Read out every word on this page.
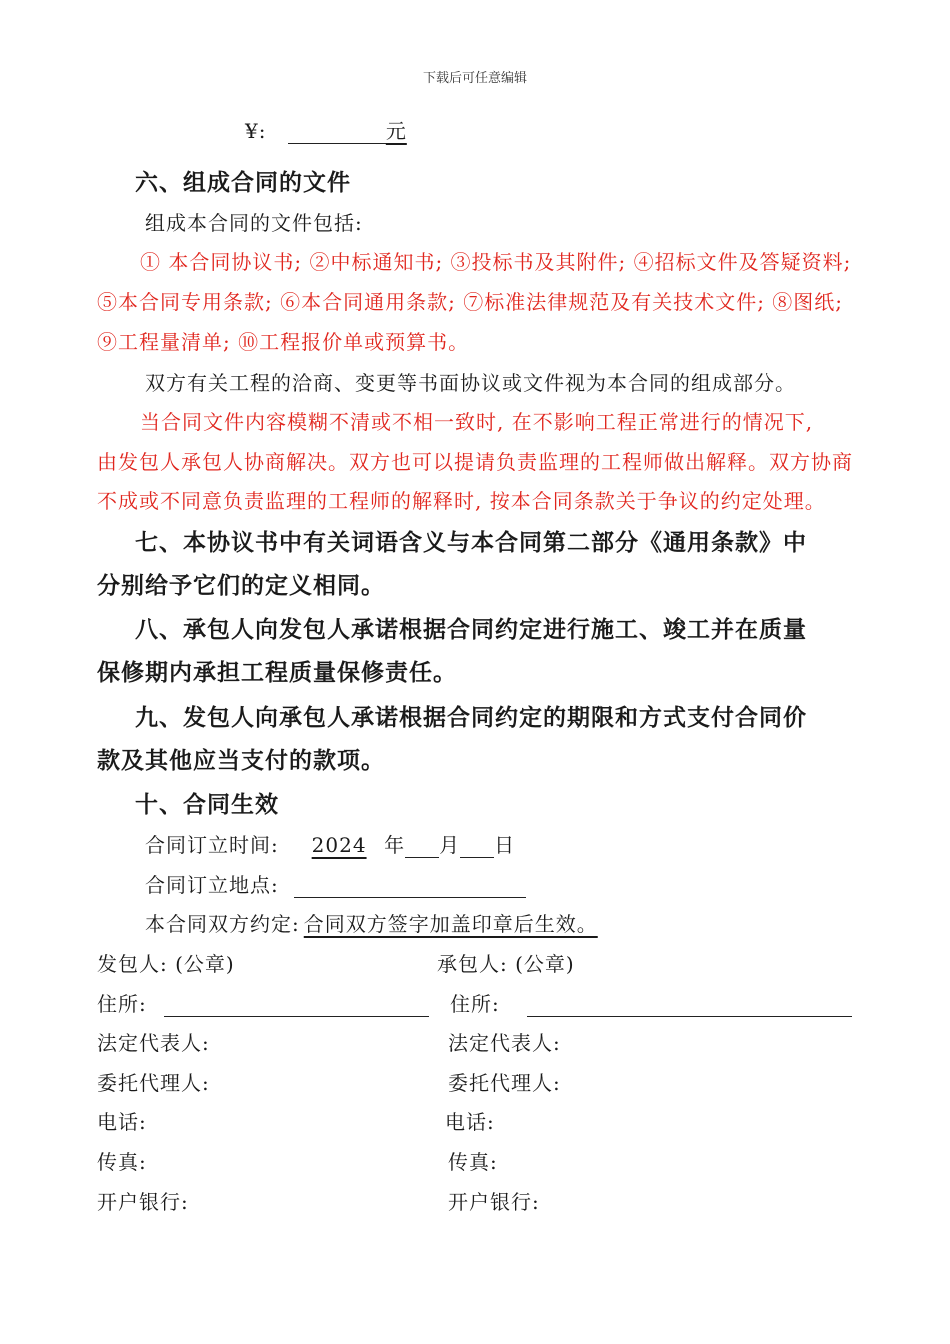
下载后可任意编辑
¥:	元
六、组成合同的文件
组成本合同的文件包括:
① 本合同协议书; ②中标通知书; ③投标书及其附件; ④招标文件及答疑资料;
⑤本合同专用条款; ⑥本合同通用条款; ⑦标准法律规范及有关技术文件; ⑧图纸;
⑨工程量清单; ⑩工程报价单或预算书。
双方有关工程的洽商、变更等书面协议或文件视为本合同的组成部分。
当合同文件内容模糊不清或不相一致时, 在不影响工程正常进行的情况下,
由发包人承包人协商解决。双方也可以提请负责监理的工程师做出解释。双方协商
不成或不同意负责监理的工程师的解释时, 按本合同条款关于争议的约定处理。
七、本协议书中有关词语含义与本合同第二部分《通用条款》中
分别给予它们的定义相同。
八、承包人向发包人承诺根据合同约定进行施工、竣工并在质量
保修期内承担工程质量保修责任。
九、发包人向承包人承诺根据合同约定的期限和方式支付合同价
款及其他应当支付的款项。
十、合同生效
合同订立时间: 2024 年 月 日
合同订立地点:
本合同双方约定: 合同双方签字加盖印章后生效。
发包人: (公章)
住所:
法定代表人:
委托代理人:
电话:
传真:
开户银行:
承包人: (公章)
住所:
法定代表人:
委托代理人:
电话:
传真:
开户银行:
